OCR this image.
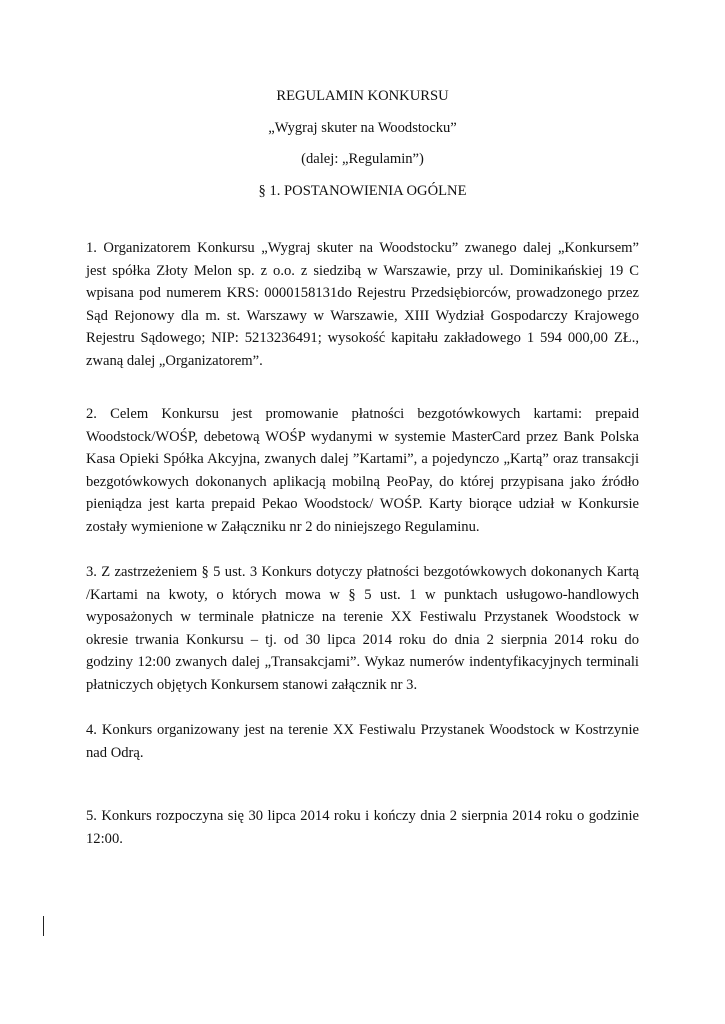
REGULAMIN KONKURSU
„Wygraj skuter na Woodstocku”
(dalej: „Regulamin”)
§ 1. POSTANOWIENIA OGÓLNE
1. Organizatorem Konkursu „Wygraj skuter na Woodstocku” zwanego dalej „Konkursem”
jest spółka Złoty Melon sp. z o.o. z siedzibą w Warszawie, przy ul. Dominikańskiej 19 C
wpisana pod numerem KRS: 0000158131do Rejestru Przedsiębiorców, prowadzonego przez
Sąd Rejonowy dla m. st. Warszawy w Warszawie, XIII Wydział Gospodarczy Krajowego
Rejestru Sądowego; NIP: 5213236491; wysokość kapitału zakładowego 1 594 000,00 ZŁ.,
zwaną dalej „Organizatorem”.
2. Celem Konkursu jest promowanie płatności bezgotówkowych kartami: prepaid
Woodstock/WOŚP, debetową WOŚP wydanymi w systemie MasterCard przez Bank Polska
Kasa Opieki Spółka Akcyjna, zwanych dalej ”Kartami”, a pojedynczo „Kartą” oraz transakcji
bezgotówkowych dokonanych aplikacją mobilną PeoPay, do której przypisana jako źródło
pieniądza jest karta prepaid Pekao Woodstock/ WOŚP. Karty biorące udział w Konkursie
zostały wymienione w Załączniku nr 2 do niniejszego Regulaminu.
3. Z zastrzeżeniem § 5 ust. 3 Konkurs dotyczy płatności bezgotówkowych dokonanych Kartą
/Kartami na kwoty, o których mowa w § 5 ust. 1 w punktach usługowo-handlowych
wyposażonych w terminale płatnicze na terenie XX Festiwalu Przystanek Woodstock w
okresie trwania Konkursu – tj. od 30 lipca 2014 roku do dnia 2 sierpnia 2014 roku do
godziny 12:00 zwanych dalej „Transakcjami”. Wykaz numerów indentyfikacyjnych terminali
płatniczych objętych Konkursem stanowi załącznik nr 3.
4. Konkurs organizowany jest na terenie XX Festiwalu Przystanek Woodstock w Kostrzynie
nad Odrą.
5. Konkurs rozpoczyna się 30 lipca 2014 roku i kończy dnia 2 sierpnia 2014 roku o godzinie
12:00.
